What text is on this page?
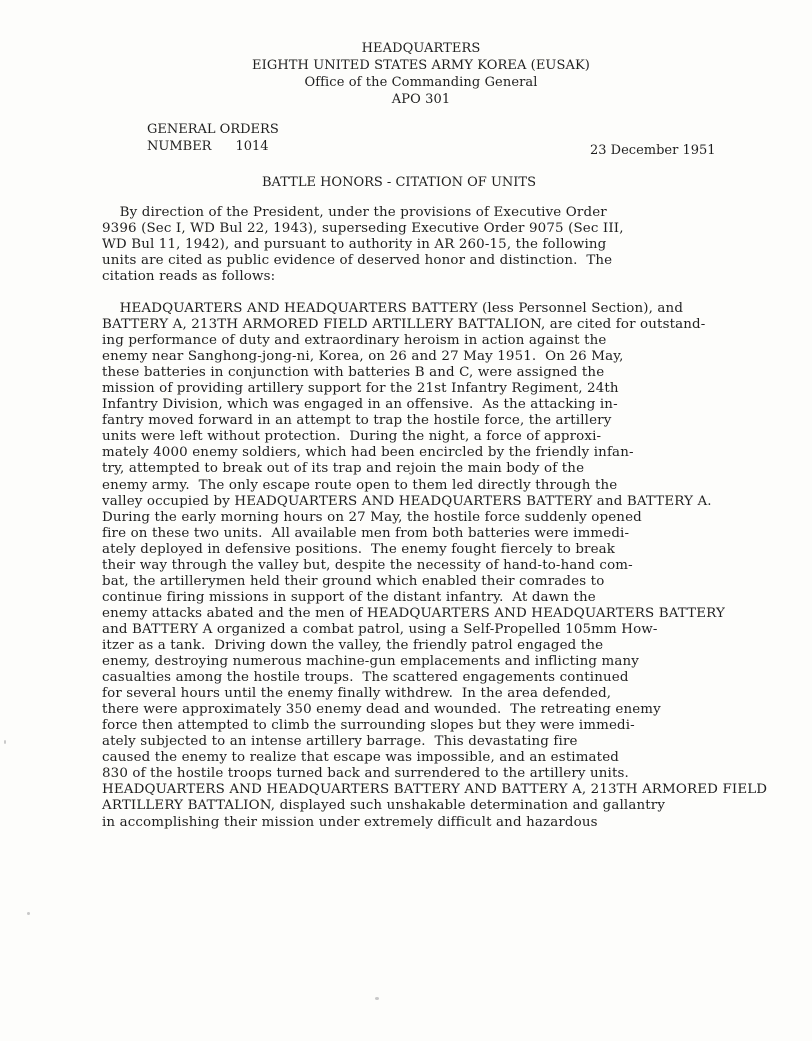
HEADQUARTERS
EIGHTH UNITED STATES ARMY KOREA (EUSAK)
Office of the Commanding General
APO 301
GENERAL ORDERS
NUMBER 1014	23 December 1951
BATTLE HONORS - CITATION OF UNITS
By direction of the President, under the provisions of Executive Order
9396 (Sec I, WD Bul 22, 1943), superseding Executive Order 9075 (Sec III,
WD Bul 11, 1942), and pursuant to authority in AR 260-15, the following
units are cited as public evidence of deserved honor and distinction.  The
citation reads as follows:
HEADQUARTERS AND HEADQUARTERS BATTERY (less Personnel Section), and
BATTERY A, 213TH ARMORED FIELD ARTILLERY BATTALION, are cited for outstand-
ing performance of duty and extraordinary heroism in action against the
enemy near Sanghong-jong-ni, Korea, on 26 and 27 May 1951.  On 26 May,
these batteries in conjunction with batteries B and C, were assigned the
mission of providing artillery support for the 21st Infantry Regiment, 24th
Infantry Division, which was engaged in an offensive.  As the attacking in-
fantry moved forward in an attempt to trap the hostile force, the artillery
units were left without protection.  During the night, a force of approxi-
mately 4000 enemy soldiers, which had been encircled by the friendly infan-
try, attempted to break out of its trap and rejoin the main body of the
enemy army.  The only escape route open to them led directly through the
valley occupied by HEADQUARTERS AND HEADQUARTERS BATTERY and BATTERY A.
During the early morning hours on 27 May, the hostile force suddenly opened
fire on these two units.  All available men from both batteries were immedi-
ately deployed in defensive positions.  The enemy fought fiercely to break
their way through the valley but, despite the necessity of hand-to-hand com-
bat, the artillerymen held their ground which enabled their comrades to
continue firing missions in support of the distant infantry.  At dawn the
enemy attacks abated and the men of HEADQUARTERS AND HEADQUARTERS BATTERY
and BATTERY A organized a combat patrol, using a Self-Propelled 105mm How-
itzer as a tank.  Driving down the valley, the friendly patrol engaged the
enemy, destroying numerous machine-gun emplacements and inflicting many
casualties among the hostile troups.  The scattered engagements continued
for several hours until the enemy finally withdrew.  In the area defended,
there were approximately 350 enemy dead and wounded.  The retreating enemy
force then attempted to climb the surrounding slopes but they were immedi-
ately subjected to an intense artillery barrage.  This devastating fire
caused the enemy to realize that escape was impossible, and an estimated
830 of the hostile troops turned back and surrendered to the artillery units.
HEADQUARTERS AND HEADQUARTERS BATTERY AND BATTERY A, 213TH ARMORED FIELD
ARTILLERY BATTALION, displayed such unshakable determination and gallantry
in accomplishing their mission under extremely difficult and hazardous
